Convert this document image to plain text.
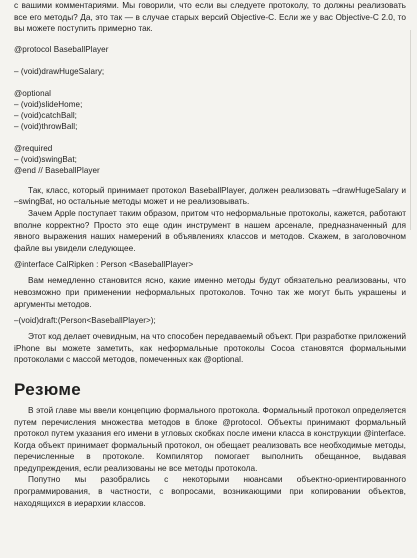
с вашими комментариями. Мы говорили, что если вы следуете протоколу, то должны реализовать все его методы? Да, это так — в случае старых версий Objective-C. Если же у вас Objective-C 2.0, то вы можете поступить примерно так.

@protocol BaseballPlayer

– (void)drawHugeSalary;

@optional
– (void)slideHome;
– (void)catchBall;
– (void)throwBall;

@required
– (void)swingBat;
@end // BaseballPlayer

Так, класс, который принимает протокол BaseballPlayer, должен реализовать –drawHugeSalary и –swingBat, но остальные методы может и не реализовывать.

Зачем Apple поступает таким образом, притом что неформальные протоколы, кажется, работают вполне корректно? Просто это еще один инструмент в нашем арсенале, предназначенный для явного выражения наших намерений в объявлениях классов и методов. Скажем, в заголовочном файле вы увидели следующее.

@interface CalRipken : Person <BaseballPlayer>

Вам немедленно становится ясно, какие именно методы будут обязательно реализованы, что невозможно при применении неформальных протоколов. Точно так же могут быть украшены и аргументы методов.

–(void)draft:(Person<BaseballPlayer>);

Этот код делает очевидным, на что способен передаваемый объект. При разработке приложений iPhone вы можете заметить, как неформальные протоколы Cocoa становятся формальными протоколами с массой методов, помеченных как @optional.

Резюме

В этой главе мы ввели концепцию формального протокола. Формальный протокол определяется путем перечисления множества методов в блоке @protocol. Объекты принимают формальный протокол путем указания его имени в угловых скобках после имени класса в конструкции @interface. Когда объект принимает формальный протокол, он обещает реализовать все необходимые методы, перечисленные в протоколе. Компилятор помогает выполнить обещанное, выдавая предупреждения, если реализованы не все методы протокола.

Попутно мы разобрались с некоторыми нюансами объектно-ориентированного программирования, в частности, с вопросами, возникающими при копировании объектов, находящихся в иерархии классов.
